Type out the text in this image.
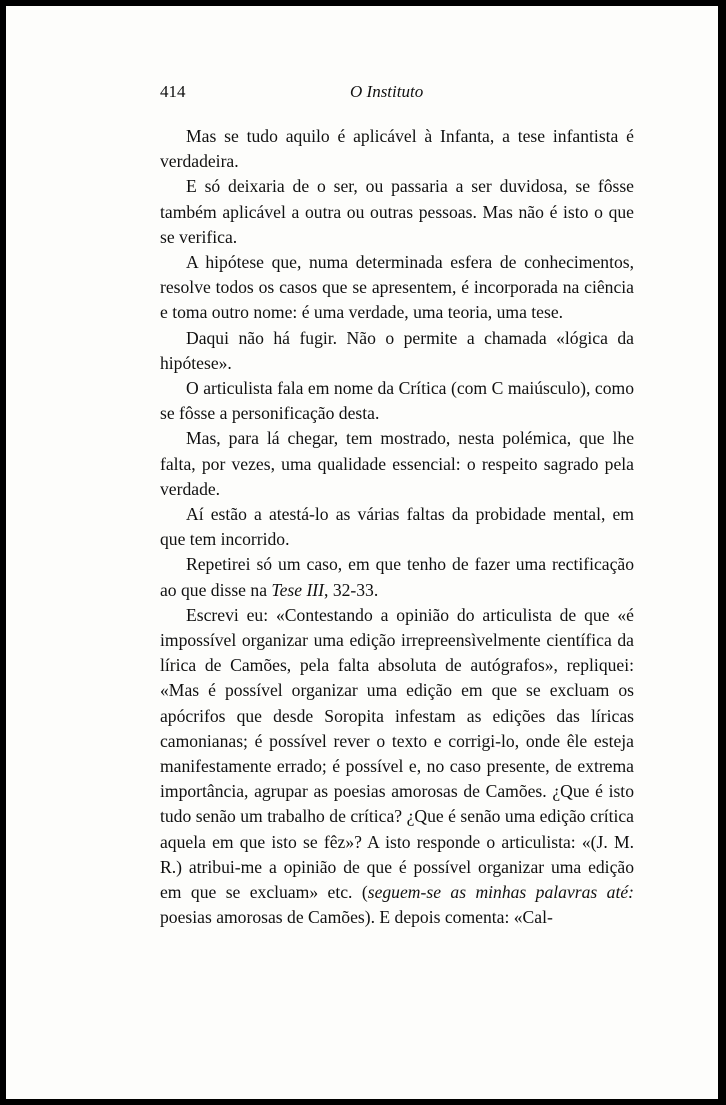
414	O Instituto

Mas se tudo aquilo é aplicável à Infanta, a tese infantista é verdadeira.

E só deixaria de o ser, ou passaria a ser duvidosa, se fôsse também aplicável a outra ou outras pessoas. Mas não é isto o que se verifica.

A hipótese que, numa determinada esfera de conhecimentos, resolve todos os casos que se apresentem, é incorporada na ciência e toma outro nome: é uma verdade, uma teoria, uma tese.

Daqui não há fugir. Não o permite a chamada «lógica da hipótese».

O articulista fala em nome da Crítica (com C maiúsculo), como se fôsse a personificação desta.

Mas, para lá chegar, tem mostrado, nesta polémica, que lhe falta, por vezes, uma qualidade essencial: o respeito sagrado pela verdade.

Aí estão a atestá-lo as várias faltas da probidade mental, em que tem incorrido.

Repetirei só um caso, em que tenho de fazer uma rectificação ao que disse na Tese III, 32-33.

Escrevi eu: «Contestando a opinião do articulista de que «é impossível organizar uma edição irrepreensìvelmente científica da lírica de Camões, pela falta absoluta de autógrafos», repliquei: «Mas é possível organizar uma edição em que se excluam os apócrifos que desde Soropita infestam as edições das líricas camonianas; é possível rever o texto e corrigi-lo, onde êle esteja manifestamente errado; é possível e, no caso presente, de extrema importância, agrupar as poesias amorosas de Camões. ¿Que é isto tudo senão um trabalho de crítica? ¿Que é senão uma edição crítica aquela em que isto se fêz»? A isto responde o articulista: «(J. M. R.) atribui-me a opinião de que é possível organizar uma edição em que se excluam» etc. (seguem-se as minhas palavras até: poesias amorosas de Camões). E depois comenta: «Cal-
